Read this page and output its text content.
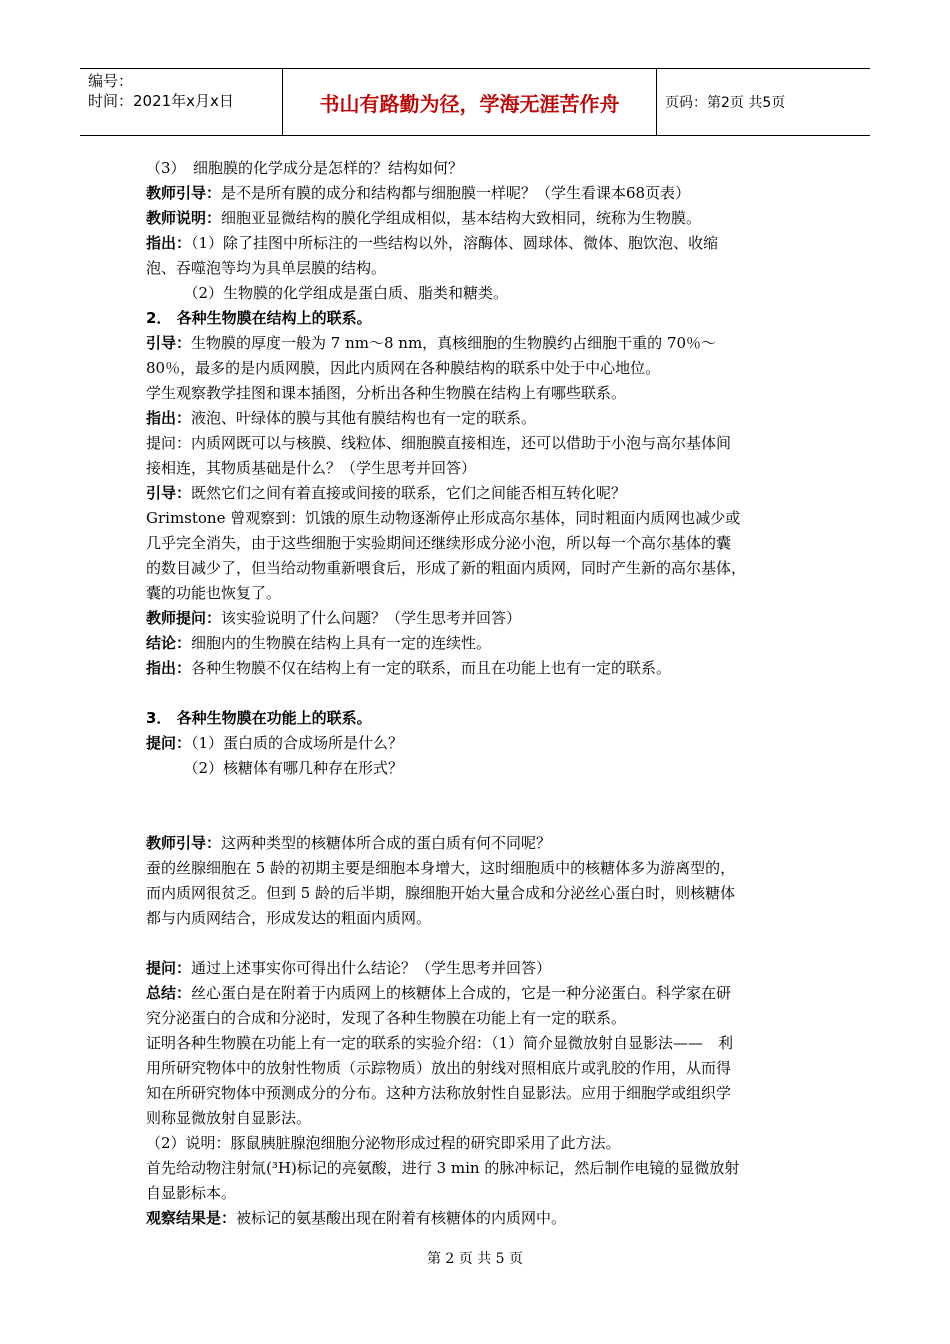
编号：
时间：2021年x月x日	书山有路勤为径，学海无涯苦作舟	页码：第2页 共5页
（3）　细胞膜的化学成分是怎样的？结构如何？
教师引导：是不是所有膜的成分和结构都与细胞膜一样呢？（学生看课本68页表）
教师说明：细胞亚显微结构的膜化学组成相似，基本结构大致相同，统称为生物膜。
指出：（1）除了挂图中所标注的一些结构以外，溶酶体、圆球体、微体、胞饮泡、收缩
泡、吞噬泡等均为具单层膜的结构。
　　　（2）生物膜的化学组成是蛋白质、脂类和糖类。
2． 各种生物膜在结构上的联系。
引导：生物膜的厚度一般为 7 nm～8 nm，真核细胞的生物膜约占细胞干重的 70％～
80％，最多的是内质网膜，因此内质网在各种膜结构的联系中处于中心地位。
学生观察教学挂图和课本插图，分析出各种生物膜在结构上有哪些联系。
指出：液泡、叶绿体的膜与其他有膜结构也有一定的联系。
提问：内质网既可以与核膜、线粒体、细胞膜直接相连，还可以借助于小泡与高尔基体间
接相连，其物质基础是什么？（学生思考并回答）
引导：既然它们之间有着直接或间接的联系，它们之间能否相互转化呢？
Grimstone 曾观察到：饥饿的原生动物逐渐停止形成高尔基体，同时粗面内质网也减少或
几乎完全消失，由于这些细胞于实验期间还继续形成分泌小泡，所以每一个高尔基体的囊
的数目减少了，但当给动物重新喂食后，形成了新的粗面内质网，同时产生新的高尔基体，
囊的功能也恢复了。
教师提问：该实验说明了什么问题？（学生思考并回答）
结论：细胞内的生物膜在结构上具有一定的连续性。
指出：各种生物膜不仅在结构上有一定的联系，而且在功能上也有一定的联系。
3． 各种生物膜在功能上的联系。
提问：（1）蛋白质的合成场所是什么？
　　　（2）核糖体有哪几种存在形式？
教师引导：这两种类型的核糖体所合成的蛋白质有何不同呢？
蚕的丝腺细胞在 5 龄的初期主要是细胞本身增大，这时细胞质中的核糖体多为游离型的，
而内质网很贫乏。但到 5 龄的后半期，腺细胞开始大量合成和分泌丝心蛋白时，则核糖体
都与内质网结合，形成发达的粗面内质网。
提问：通过上述事实你可得出什么结论？（学生思考并回答）
总结：丝心蛋白是在附着于内质网上的核糖体上合成的，它是一种分泌蛋白。科学家在研
究分泌蛋白的合成和分泌时，发现了各种生物膜在功能上有一定的联系。
证明各种生物膜在功能上有一定的联系的实验介绍：（1）简介显微放射自显影法——　利
用所研究物体中的放射性物质（示踪物质）放出的射线对照相底片或乳胶的作用，从而得
知在所研究物体中预测成分的分布。这种方法称放射性自显影法。应用于细胞学或组织学
则称显微放射自显影法。
（2）说明：豚鼠胰脏腺泡细胞分泌物形成过程的研究即采用了此方法。
首先给动物注射氚(³H)标记的亮氨酸，进行 3 min 的脉冲标记，然后制作电镜的显微放射
自显影标本。
观察结果是：被标记的氨基酸出现在附着有核糖体的内质网中。
第 2 页 共 5 页
